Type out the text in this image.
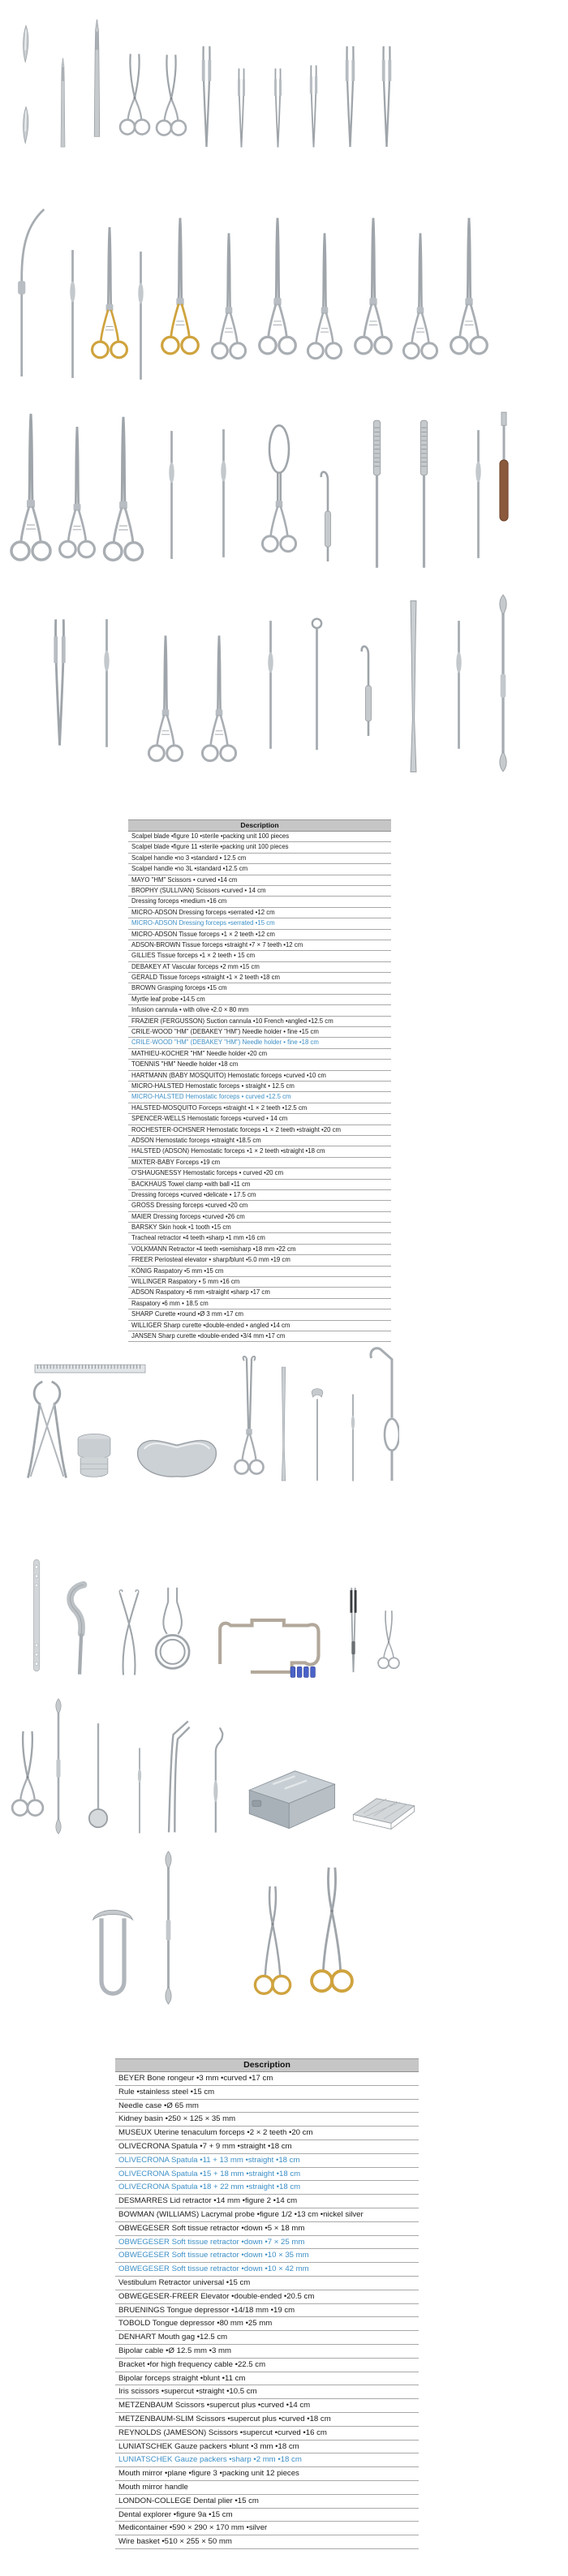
Description
Scalpel blade •figure 10 •sterile •packing unit 100 pieces
Scalpel blade •figure 11 •sterile •packing unit 100 pieces
Scalpel handle •no 3 •standard • 12.5 cm
Scalpel handle •no 3L •standard •12.5 cm
MAYO "HM" Scissors • curved •14 cm
BROPHY (SULLIVAN) Scissors •curved • 14 cm
Dressing forceps •medium •16 cm
MICRO-ADSON Dressing forceps •serrated •12 cm
MICRO-ADSON Dressing forceps •serrated •15 cm
MICRO-ADSON Tissue forceps •1 × 2 teeth •12 cm
ADSON-BROWN Tissue forceps •straight •7 × 7 teeth •12 cm
GILLIES Tissue forceps •1 × 2 teeth • 15 cm
DEBAKEY AT Vascular forceps •2 mm •15 cm
GERALD Tissue forceps •straight •1 × 2 teeth •18 cm
BROWN Grasping forceps •15 cm
Myrtle leaf probe •14.5 cm
Infusion cannula • with olive •2.0 × 80 mm
FRAZIER (FERGUSSON) Suction cannula •10 French •angled •12.5 cm
CRILE-WOOD "HM" (DEBAKEY "HM") Needle holder • fine •15 cm
CRILE-WOOD "HM" (DEBAKEY "HM") Needle holder • fine •18 cm
MATHIEU-KOCHER "HM" Needle holder •20 cm
TOENNIS "HM" Needle holder •18 cm
HARTMANN (BABY MOSQUITO) Hemostatic forceps •curved •10 cm
MICRO-HALSTED Hemostatic forceps • straight • 12.5 cm
MICRO-HALSTED Hemostatic forceps • curved •12.5 cm
HALSTED-MOSQUITO Forceps •straight •1 × 2 teeth •12.5 cm
SPENCER-WELLS Hemostatic forceps •curved • 14 cm
ROCHESTER-OCHSNER Hemostatic forceps •1 × 2 teeth •straight •20 cm
ADSON Hemostatic forceps •straight •18.5 cm
HALSTED (ADSON) Hemostatic forceps •1 × 2 teeth •straight •18 cm
MIXTER-BABY Forceps •19 cm
O'SHAUGNESSY Hemostatic forceps • curved •20 cm
BACKHAUS Towel clamp •with ball •11 cm
Dressing forceps •curved •delicate • 17.5 cm
GROSS Dressing forceps •curved •20 cm
MAIER Dressing forceps •curved •26 cm
BARSKY Skin hook •1 tooth •15 cm
Tracheal retractor •4 teeth •sharp •1 mm •16 cm
VOLKMANN Retractor •4 teeth •semisharp •18 mm •22 cm
FREER Periosteal elevator • sharp/blunt •5.0 mm •19 cm
KÖNIG Raspatory •5 mm •15 cm
WILLINGER Raspatory • 5 mm •16 cm
ADSON Raspatory •6 mm •straight •sharp •17 cm
Raspatory •6 mm • 18.5 cm
SHARP Curette •round •Ø 3 mm •17 cm
WILLIGER Sharp curette •double-ended • angled •14 cm
JANSEN Sharp curette •double-ended •3/4 mm •17 cm
Description
BEYER Bone rongeur •3 mm •curved •17 cm
Rule •stainless steel •15 cm
Needle case •Ø 65 mm
Kidney basin •250 × 125 × 35 mm
MUSEUX Uterine tenaculum forceps •2 × 2 teeth •20 cm
OLIVECRONA Spatula •7 + 9 mm •straight •18 cm
OLIVECRONA Spatula •11 + 13 mm •straight •18 cm
OLIVECRONA Spatula •15 + 18 mm •straight •18 cm
OLIVECRONA Spatula •18 + 22 mm •straight •18 cm
DESMARRES Lid retractor •14 mm •figure 2 •14 cm
BOWMAN (WILLIAMS) Lacrymal probe •figure 1/2 •13 cm •nickel silver
OBWEGESER Soft tissue retractor •down •5 × 18 mm
OBWEGESER Soft tissue retractor •down •7 × 25 mm
OBWEGESER Soft tissue retractor •down •10 × 35 mm
OBWEGESER Soft tissue retractor •down •10 × 42 mm
Vestibulum Retractor universal •15 cm
OBWEGESER-FREER Elevator •double-ended •20.5 cm
BRUENINGS Tongue depressor •14/18 mm •19 cm
TOBOLD Tongue depressor •80 mm •25 mm
DENHART Mouth gag •12.5 cm
Bipolar cable •Ø 12.5 mm •3 mm
Bracket •for high frequency cable •22.5 cm
Bipolar forceps straight •blunt •11 cm
Iris scissors •supercut •straight •10.5 cm
METZENBAUM Scissors •supercut plus •curved •14 cm
METZENBAUM-SLIM Scissors •supercut plus •curved •18 cm
REYNOLDS (JAMESON) Scissors •supercut •curved •16 cm
LUNIATSCHEK Gauze packers •blunt •3 mm •18 cm
LUNIATSCHEK Gauze packers •sharp •2 mm •18 cm
Mouth mirror •plane •figure 3 •packing unit 12 pieces
Mouth mirror handle
LONDON-COLLEGE Dental plier •15 cm
Dental explorer •figure 9a •15 cm
Medicontainer •590 × 290 × 170 mm •silver
Wire basket •510 × 255 × 50 mm
